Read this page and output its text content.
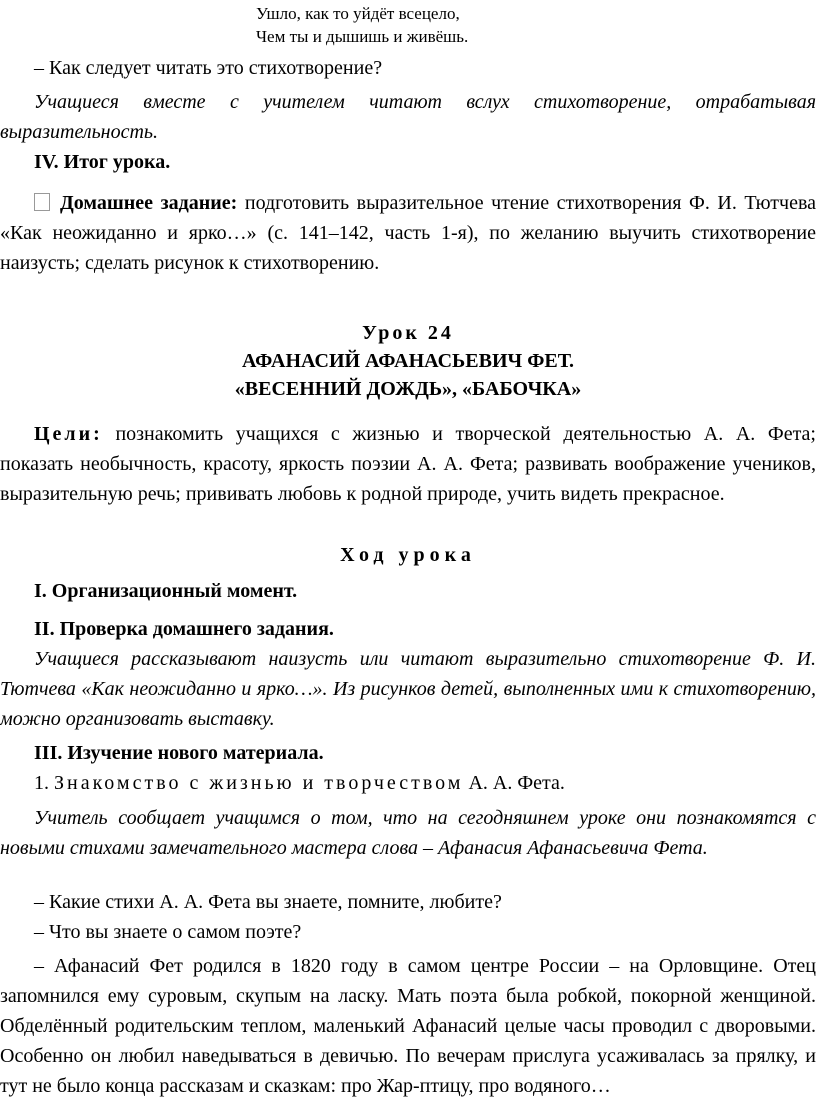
Ушло, как то уйдёт всецело,
Чем ты и дышишь и живёшь.
– Как следует читать это стихотворение?
Учащиеся вместе с учителем читают вслух стихотворение, отрабатывая выразительность.
IV. Итог урока.
Домашнее задание: подготовить выразительное чтение стихотворения Ф. И. Тютчева «Как неожиданно и ярко…» (с. 141–142, часть 1-я), по желанию выучить стихотворение наизусть; сделать рисунок к стихотворению.
Урок 24
АФАНАСИЙ АФАНАСЬЕВИЧ ФЕТ.
«ВЕСЕННИЙ ДОЖДЬ», «БАБОЧКА»
Цели: познакомить учащихся с жизнью и творческой деятельностью А. А. Фета; показать необычность, красоту, яркость поэзии А. А. Фета; развивать воображение учеников, выразительную речь; прививать любовь к родной природе, учить видеть прекрасное.
Ход урока
I. Организационный момент.
II. Проверка домашнего задания.
Учащиеся рассказывают наизусть или читают выразительно стихотворение Ф. И. Тютчева «Как неожиданно и ярко…». Из рисунков детей, выполненных ими к стихотворению, можно организовать выставку.
III. Изучение нового материала.
1. Знакомство с жизнью и творчеством А. А. Фета.
Учитель сообщает учащимся о том, что на сегодняшнем уроке они познакомятся с новыми стихами замечательного мастера слова – Афанасия Афанасьевича Фета.
– Какие стихи А. А. Фета вы знаете, помните, любите?
– Что вы знаете о самом поэте?
– Афанасий Фет родился в 1820 году в самом центре России – на Орловщине. Отец запомнился ему суровым, скупым на ласку. Мать поэта была робкой, покорной женщиной. Обделённый родительским теплом, маленький Афанасий целые часы проводил с дворовыми. Особенно он любил наведываться в девичью. По вечерам прислуга усаживалась за прялку, и тут не было конца рассказам и сказкам: про Жар-птицу, про водяного…
